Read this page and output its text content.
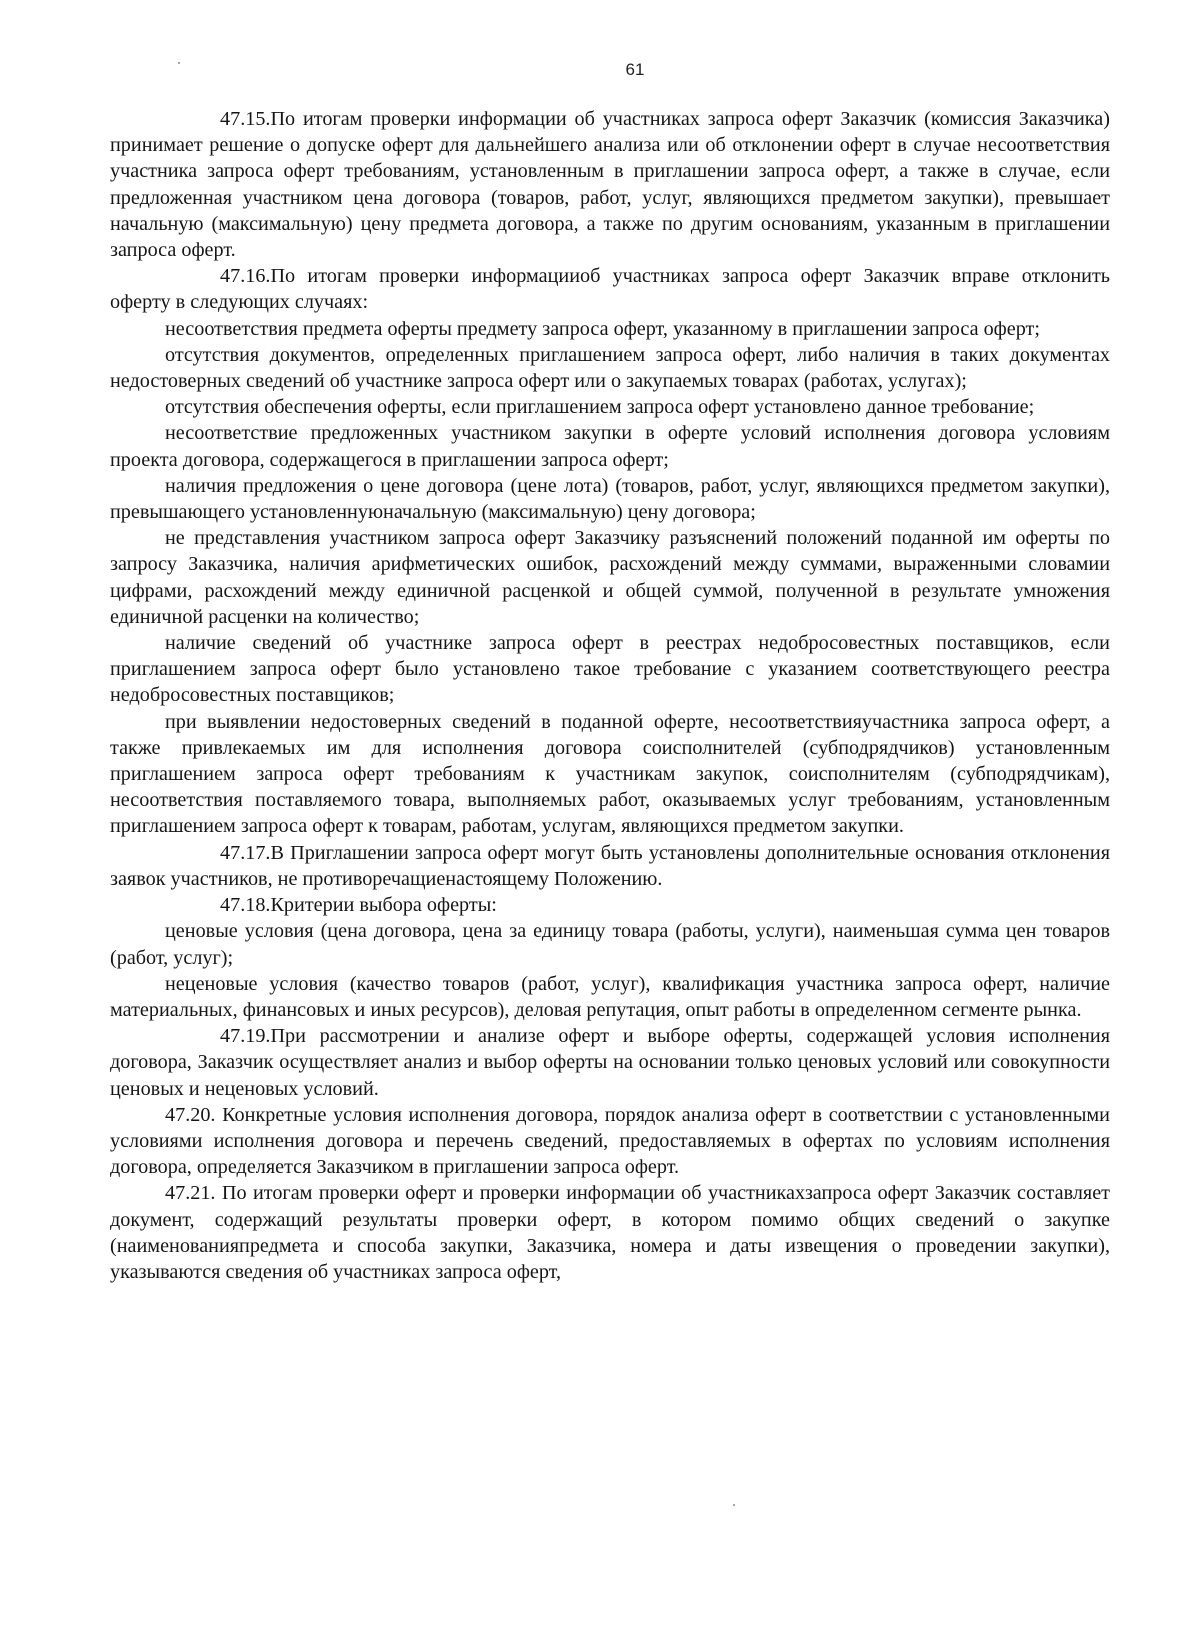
61

47.15.По итогам проверки информации об участниках запроса оферт Заказчик (комиссия Заказчика) принимает решение о допуске оферт для дальнейшего анализа или об отклонении оферт в случае несоответствия участника запроса оферт требованиям, установленным в приглашении запроса оферт, а также в случае, если предложенная участником цена договора (товаров, работ, услуг, являющихся предметом закупки), превышает начальную (максимальную) цену предмета договора, а также по другим основаниям, указанным в приглашении запроса оферт.

47.16.По итогам проверки информацииоб участниках запроса оферт Заказчик вправе отклонить оферту в следующих случаях:

несоответствия предмета оферты предмету запроса оферт, указанному в приглашении запроса оферт;

отсутствия документов, определенных приглашением запроса оферт, либо наличия в таких документах недостоверных сведений об участнике запроса оферт или о закупаемых товарах (работах, услугах);

отсутствия обеспечения оферты, если приглашением запроса оферт установлено данное требование;

несоответствие предложенных участником закупки в оферте условий исполнения договора условиям проекта договора, содержащегося в приглашении запроса оферт;

наличия предложения о цене договора (цене лота) (товаров, работ, услуг, являющихся предметом закупки), превышающего установленнуюначальную (максимальную) цену договора;

не представления участником запроса оферт Заказчику разъяснений положений поданной им оферты по запросу Заказчика, наличия арифметических ошибок, расхождений между суммами, выраженными словамии цифрами, расхождений между единичной расценкой и общей суммой, полученной в результате умножения единичной расценки на количество;

наличие сведений об участнике запроса оферт в реестрах недобросовестных поставщиков, если приглашением запроса оферт было установлено такое требование с указанием соответствующего реестра недобросовестных поставщиков;

при выявлении недостоверных сведений в поданной оферте, несоответствияучастника запроса оферт, а также привлекаемых им для исполнения договора соисполнителей (субподрядчиков) установленным приглашением запроса оферт требованиям к участникам закупок, соисполнителям (субподрядчикам), несоответствия поставляемого товара, выполняемых работ, оказываемых услуг требованиям, установленным приглашением запроса оферт к товарам, работам, услугам, являющихся предметом закупки.

47.17.В Приглашении запроса оферт могут быть установлены дополнительные основания отклонения заявок участников, не противоречащиенастоящему Положению.

47.18.Критерии выбора оферты:

ценовые условия (цена договора, цена за единицу товара (работы, услуги), наименьшая сумма цен товаров (работ, услуг);

неценовые условия (качество товаров (работ, услуг), квалификация участника запроса оферт, наличие материальных, финансовых и иных ресурсов), деловая репутация, опыт работы в определенном сегменте рынка.

47.19.При рассмотрении и анализе оферт и выборе оферты, содержащей условия исполнения договора, Заказчик осуществляет анализ и выбор оферты на основании только ценовых условий или совокупности ценовых и неценовых условий.

47.20. Конкретные условия исполнения договора, порядок анализа оферт в соответствии с установленными условиями исполнения договора и перечень сведений, предоставляемых в офертах по условиям исполнения договора, определяется Заказчиком в приглашении запроса оферт.

47.21. По итогам проверки оферт и проверки информации об участникахзапроса оферт Заказчик составляет документ, содержащий результаты проверки оферт, в котором помимо общих сведений о закупке (наименованияпредмета и способа закупки, Заказчика, номера и даты извещения о проведении закупки), указываются сведения об участниках запроса оферт,
